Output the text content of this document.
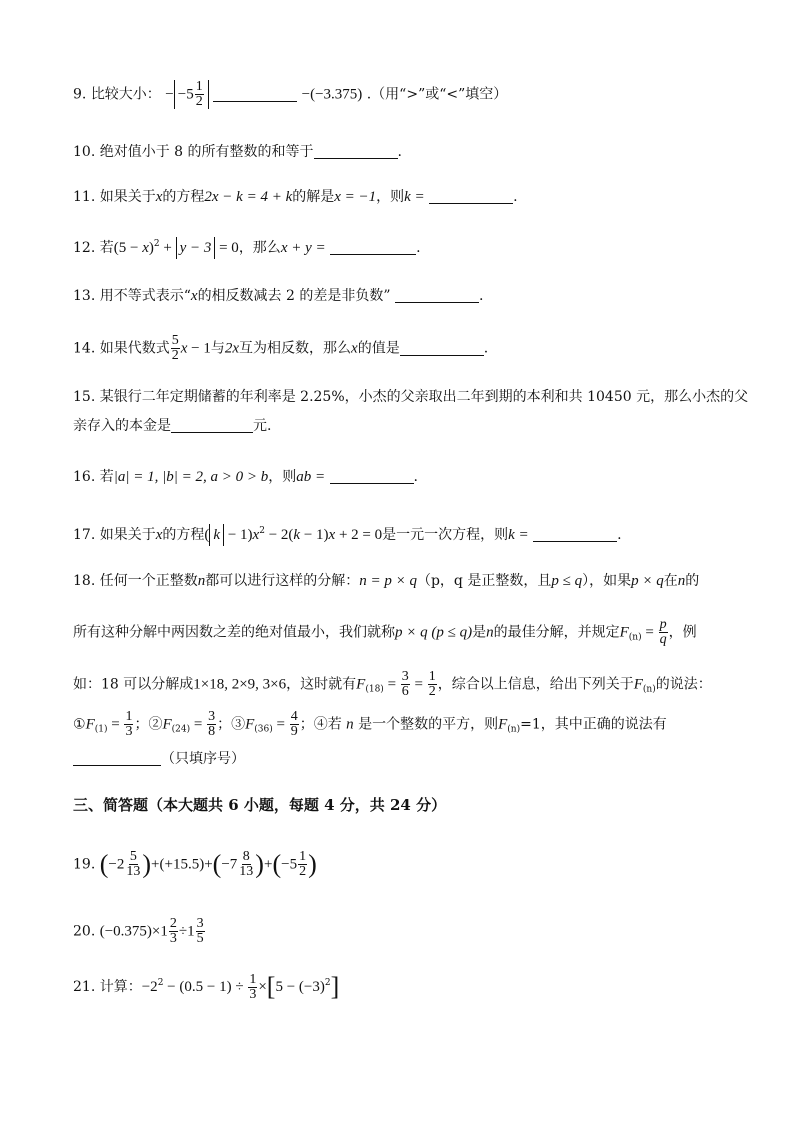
9. 比较大小： − $-5 \frac{1}{2}$	−(−3.375) .（用“>”或“<”填空）
10. 绝对值小于 8 的所有整数的和等于	.
11. 如果关于x的方程2x − k = 4 + k的解是x = −1，则k =	.
12. 若$(5 - x)^2 + y - 3 = 0$，那么x + y =	.
13. 用不等式表示“x的相反数减去 2 的差是非负数”	.
14. 如果代数式 $\frac{5}{2}$ x − 1与2x互为相反数，那么x的值是	.
15. 某银行二年定期储蓄的年利率是 2.25%，小杰的父亲取出二年到期的本利和共 10450 元，那么小杰的父
亲存入的本金是	元.
16. 若|a| = 1, |b| = 2, a > 0 > b，则ab =	.
17. 如果关于x的方程( $k - 1)x^2 - 2(k - 1)x + 2 = 0$是一元一次方程，则k =	.
18. 任何一个正整数n都可以进行这样的分解：n = p × q（p，q 是正整数，且p ≤ q），如果p × q在n的
所有这种分解中两因数之差的绝对值最小，我们就称p × q (p ≤ q)是n的最佳分解，并规定$F_{(n)} = \frac{p}{q}$ ，例
如：18 可以分解成1×18, 2×9, 3×6，这时就有$F_{(18)} = \frac{3}{6} = \frac{1}{2}$ ，综合以上信息，给出下列关于$F_{(n)}$的说法：
$①F_{(1)} = \frac{1}{3}$ ；$②F_{(24)} = \frac{3}{8}$ ；$③F_{(36)} = \frac{4}{9}$ ；④若 n 是一个整数的平方，则$F_{(n)}=1$，其中正确的说法有
（只填序号）
三、简答题（本大题共 6 小题，每题 4 分，共 24 分）
19. $(-2 \frac{5}{13} )+(+15.5)+(-7 \frac{8}{13} )+(-5 \frac{1}{2}$ )
20. $(-0.375)\times 1 \frac{2}{3} \div 1 \frac{3}{5}$
21. 计算：$-2^2 - (0.5 - 1) \div \frac{1}{3} \times[5 - (-3)^2]$
